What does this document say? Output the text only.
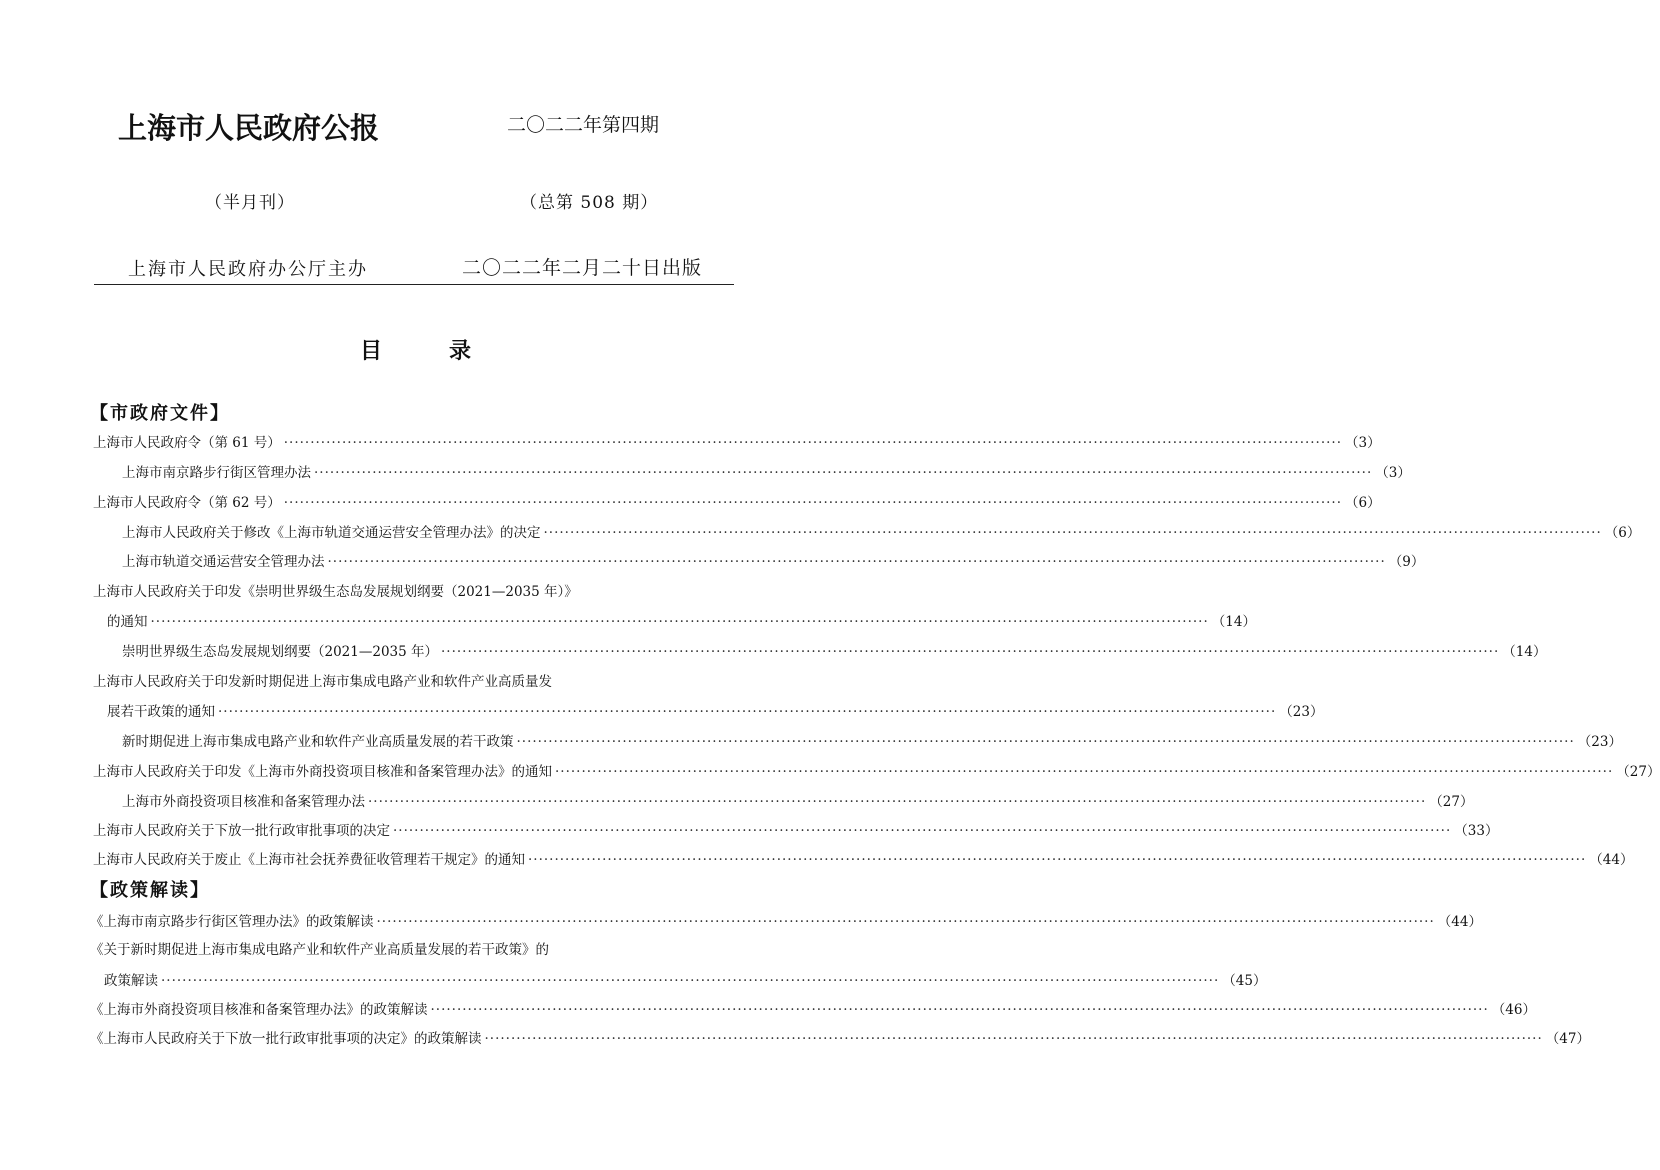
上海市人民政府公报	二〇二二年第四期
（半月刊）	（总第 508 期）
上海市人民政府办公厅主办	二〇二二年二月二十日出版
目	录
【市政府文件】
上海市人民政府令（第 61 号） ········································································································································································································ （3）
上海市南京路步行街区管理办法 ········································································································································································································ （3）
上海市人民政府令（第 62 号） ········································································································································································································ （6）
上海市人民政府关于修改《上海市轨道交通运营安全管理办法》的决定 ········································································································································································································ （6）
上海市轨道交通运营安全管理办法 ········································································································································································································ （9）
上海市人民政府关于印发《崇明世界级生态岛发展规划纲要（2021—2035 年）》
的通知 ········································································································································································································ （14）
崇明世界级生态岛发展规划纲要（2021—2035 年） ········································································································································································································ （14）
上海市人民政府关于印发新时期促进上海市集成电路产业和软件产业高质量发
展若干政策的通知 ········································································································································································································ （23）
新时期促进上海市集成电路产业和软件产业高质量发展的若干政策 ········································································································································································································ （23）
上海市人民政府关于印发《上海市外商投资项目核准和备案管理办法》的通知 ········································································································································································································ （27）
上海市外商投资项目核准和备案管理办法 ········································································································································································································ （27）
上海市人民政府关于下放一批行政审批事项的决定 ········································································································································································································ （33）
上海市人民政府关于废止《上海市社会抚养费征收管理若干规定》的通知 ········································································································································································································ （44）
【政策解读】
《上海市南京路步行街区管理办法》的政策解读 ········································································································································································································ （44）
《关于新时期促进上海市集成电路产业和软件产业高质量发展的若干政策》的
政策解读 ········································································································································································································ （45）
《上海市外商投资项目核准和备案管理办法》的政策解读 ········································································································································································································ （46）
《上海市人民政府关于下放一批行政审批事项的决定》的政策解读 ········································································································································································································ （47）
